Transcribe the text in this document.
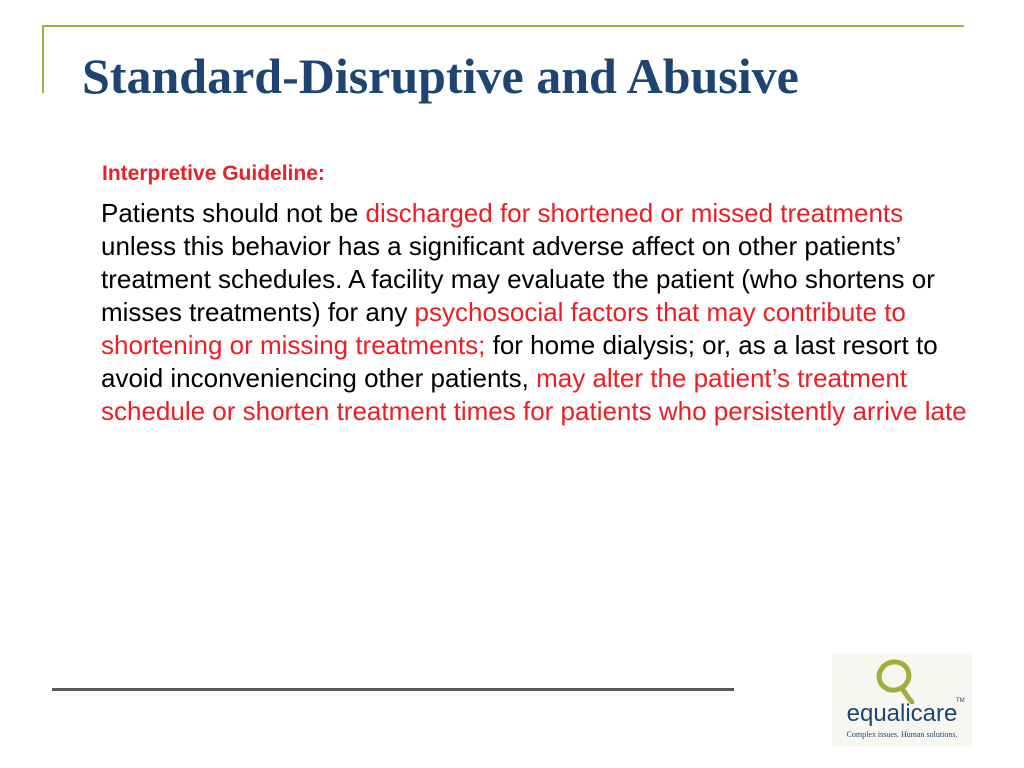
Standard-Disruptive and Abusive
Interpretive Guideline:

Patients should not be discharged for shortened or missed treatments unless this behavior has a significant adverse affect on other patients’ treatment schedules. A facility may evaluate the patient (who shortens or misses treatments) for any psychosocial factors that may contribute to shortening or missing treatments; for home dialysis; or, as a last resort to avoid inconveniencing other patients, may alter the patient’s treatment schedule or shorten treatment times for patients who persistently arrive late

equalicare
TM
Complex issues. Human solutions.
